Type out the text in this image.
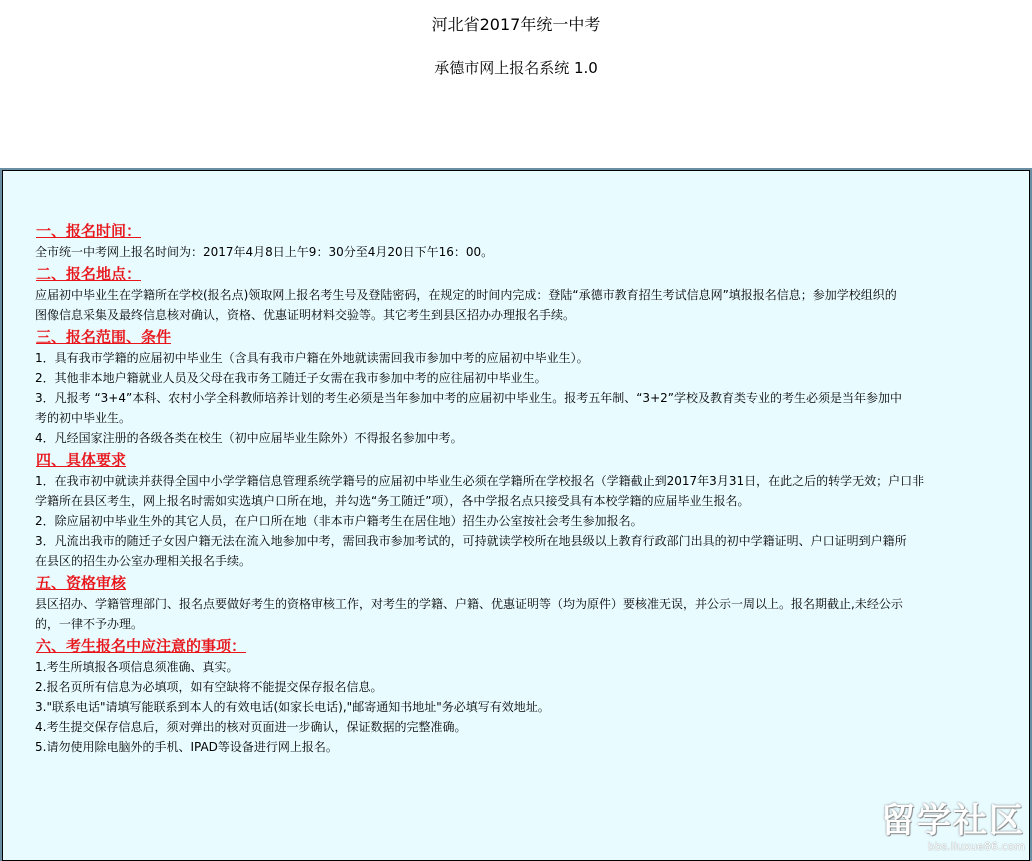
河北省2017年统一中考
承德市网上报名系统 1.0
一、报名时间：
全市统一中考网上报名时间为：2017年4月8日上午9：30分至4月20日下午16：00。
二、报名地点：
应届初中毕业生在学籍所在学校(报名点)领取网上报名考生号及登陆密码，在规定的时间内完成：登陆“承德市教育招生考试信息网”填报报名信息；参加学校组织的
图像信息采集及最终信息核对确认，资格、优惠证明材料交验等。其它考生到县区招办办理报名手续。
三、报名范围、条件
1．具有我市学籍的应届初中毕业生（含具有我市户籍在外地就读需回我市参加中考的应届初中毕业生）。
2．其他非本地户籍就业人员及父母在我市务工随迁子女需在我市参加中考的应往届初中毕业生。
3．凡报考 “3+4”本科、农村小学全科教师培养计划的考生必须是当年参加中考的应届初中毕业生。报考五年制、“3+2”学校及教育类专业的考生必须是当年参加中
考的初中毕业生。
4．凡经国家注册的各级各类在校生（初中应届毕业生除外）不得报名参加中考。
四、具体要求
1．在我市初中就读并获得全国中小学学籍信息管理系统学籍号的应届初中毕业生必须在学籍所在学校报名（学籍截止到2017年3月31日，在此之后的转学无效；户口非
学籍所在县区考生，网上报名时需如实选填户口所在地，并勾选“务工随迁”项），各中学报名点只接受具有本校学籍的应届毕业生报名。
2．除应届初中毕业生外的其它人员，在户口所在地（非本市户籍考生在居住地）招生办公室按社会考生参加报名。
3．凡流出我市的随迁子女因户籍无法在流入地参加中考，需回我市参加考试的，可持就读学校所在地县级以上教育行政部门出具的初中学籍证明、户口证明到户籍所
在县区的招生办公室办理相关报名手续。
五、资格审核
县区招办、学籍管理部门、报名点要做好考生的资格审核工作，对考生的学籍、户籍、优惠证明等（均为原件）要核准无误，并公示一周以上。报名期截止,未经公示
的，一律不予办理。
六、考生报名中应注意的事项：
1.考生所填报各项信息须准确、真实。
2.报名页所有信息为必填项，如有空缺将不能提交保存报名信息。
3."联系电话"请填写能联系到本人的有效电话(如家长电话),"邮寄通知书地址"务必填写有效地址。
4.考生提交保存信息后，须对弹出的核对页面进一步确认，保证数据的完整准确。
5.请勿使用除电脑外的手机、IPAD等设备进行网上报名。
留学社区
bbs.liuxue86.com
